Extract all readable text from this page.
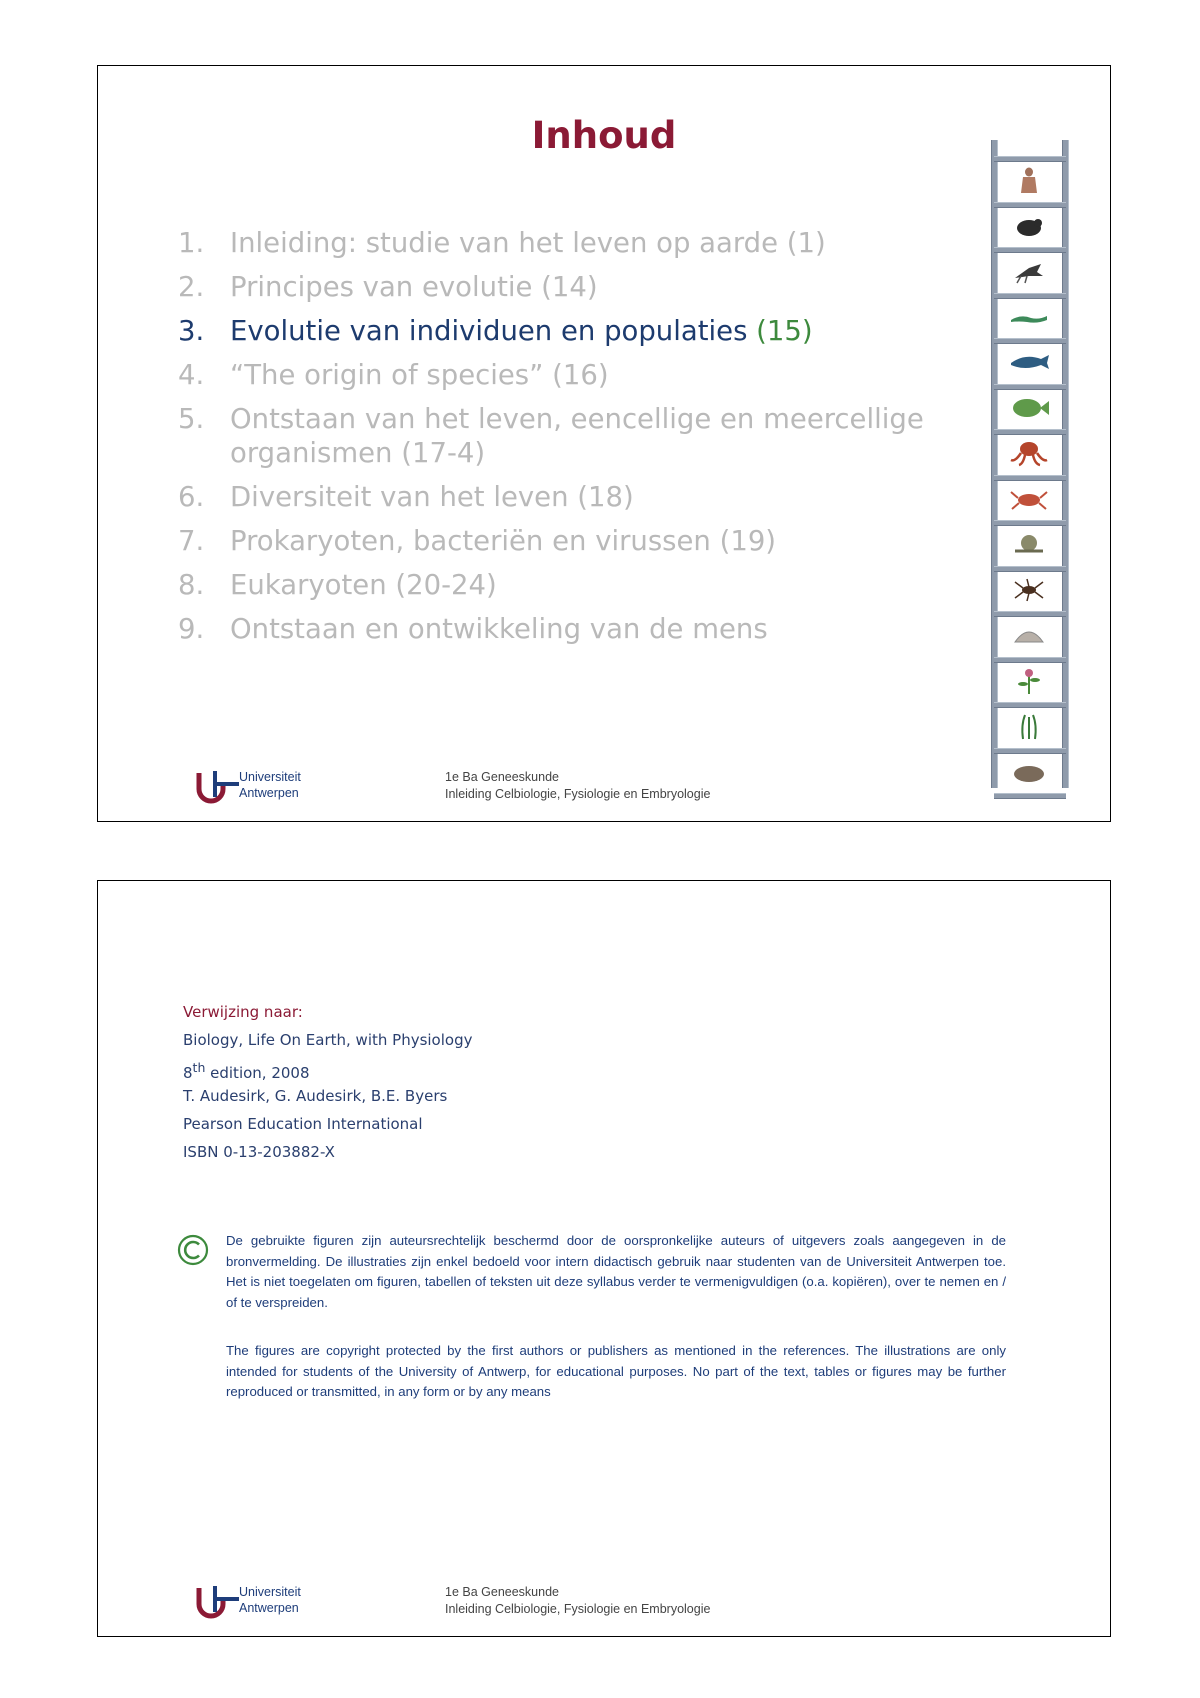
Inhoud
1. Inleiding: studie van het leven op aarde (1)
2. Principes van evolutie (14)
3. Evolutie van individuen en populaties (15)
4. “The origin of species” (16)
5. Ontstaan van het leven, eencellige en meercellige organismen (17-4)
6. Diversiteit van het leven (18)
7. Prokaryoten, bacteriën en virussen (19)
8. Eukaryoten (20-24)
9. Ontstaan en ontwikkeling van de mens
Universiteit
Antwerpen
1e Ba Geneeskunde
Inleiding Celbiologie, Fysiologie en Embryologie
Verwijzing naar:
Biology, Life On Earth, with Physiology
8th edition, 2008
T. Audesirk, G. Audesirk, B.E. Byers
Pearson Education International
ISBN 0-13-203882-X
De gebruikte figuren zijn auteursrechtelijk beschermd door de oorspronkelijke auteurs of uitgevers zoals aangegeven in de bronvermelding. De illustraties zijn enkel bedoeld voor intern didactisch gebruik naar studenten van de Universiteit Antwerpen toe. Het is niet toegelaten om figuren, tabellen of teksten uit deze syllabus verder te vermenigvuldigen (o.a. kopiëren), over te nemen en / of te verspreiden.
The figures are copyright protected by the first authors or publishers as mentioned in the references. The illustrations are only intended for students of the University of Antwerp, for educational purposes. No part of the text, tables or figures may be further reproduced or transmitted, in any form or by any means
Universiteit
Antwerpen
1e Ba Geneeskunde
Inleiding Celbiologie, Fysiologie en Embryologie
